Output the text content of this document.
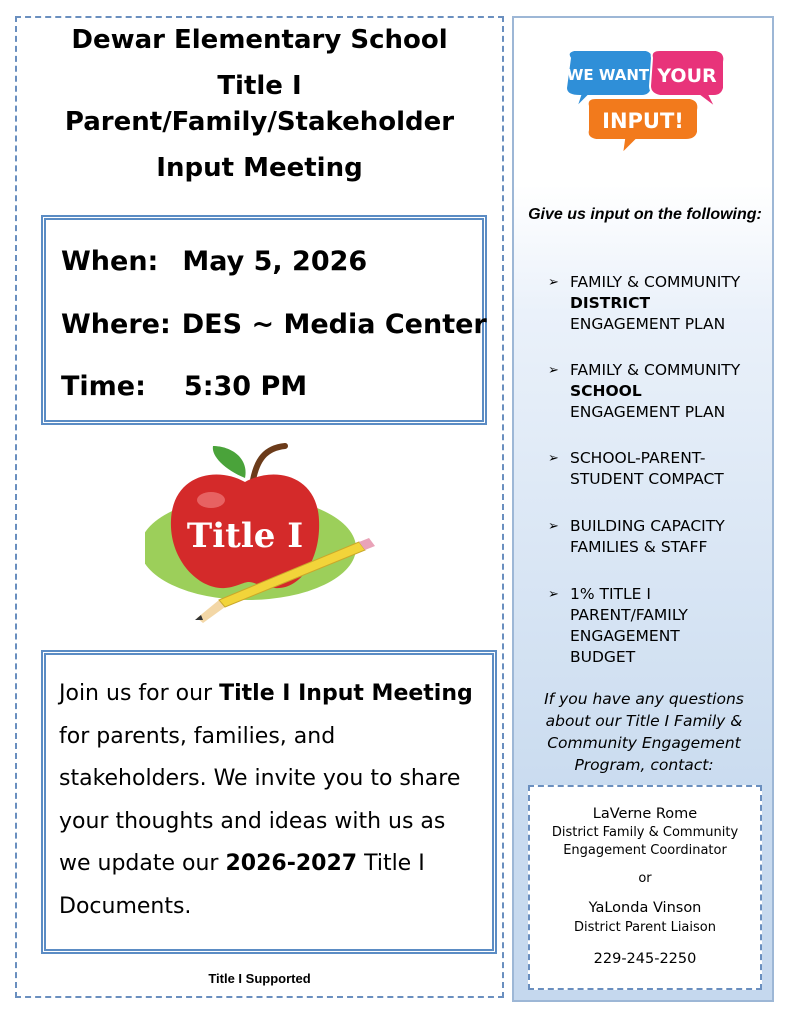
Dewar Elementary School
Title I
Parent/Family/Stakeholder
Input Meeting
When: May 5, 2026
Where: DES ~ Media Center
Time: 5:30 PM
Title I
Join us for our Title I Input Meeting for parents, families, and stakeholders. We invite you to share your thoughts and ideas with us as we update our 2026-2027 Title I Documents.
Title I Supported
WE WANT YOUR
INPUT!
Give us input on the following:
➢ FAMILY & COMMUNITY
DISTRICT
ENGAGEMENT PLAN
➢ FAMILY & COMMUNITY
SCHOOL
ENGAGEMENT PLAN
➢ SCHOOL-PARENT-STUDENT COMPACT
➢ BUILDING CAPACITY FAMILIES & STAFF
➢ 1% TITLE I PARENT/FAMILY ENGAGEMENT BUDGET
If you have any questions about our Title I Family & Community Engagement Program, contact:
LaVerne Rome
District Family & Community
Engagement Coordinator
or
YaLonda Vinson
District Parent Liaison
229-245-2250
